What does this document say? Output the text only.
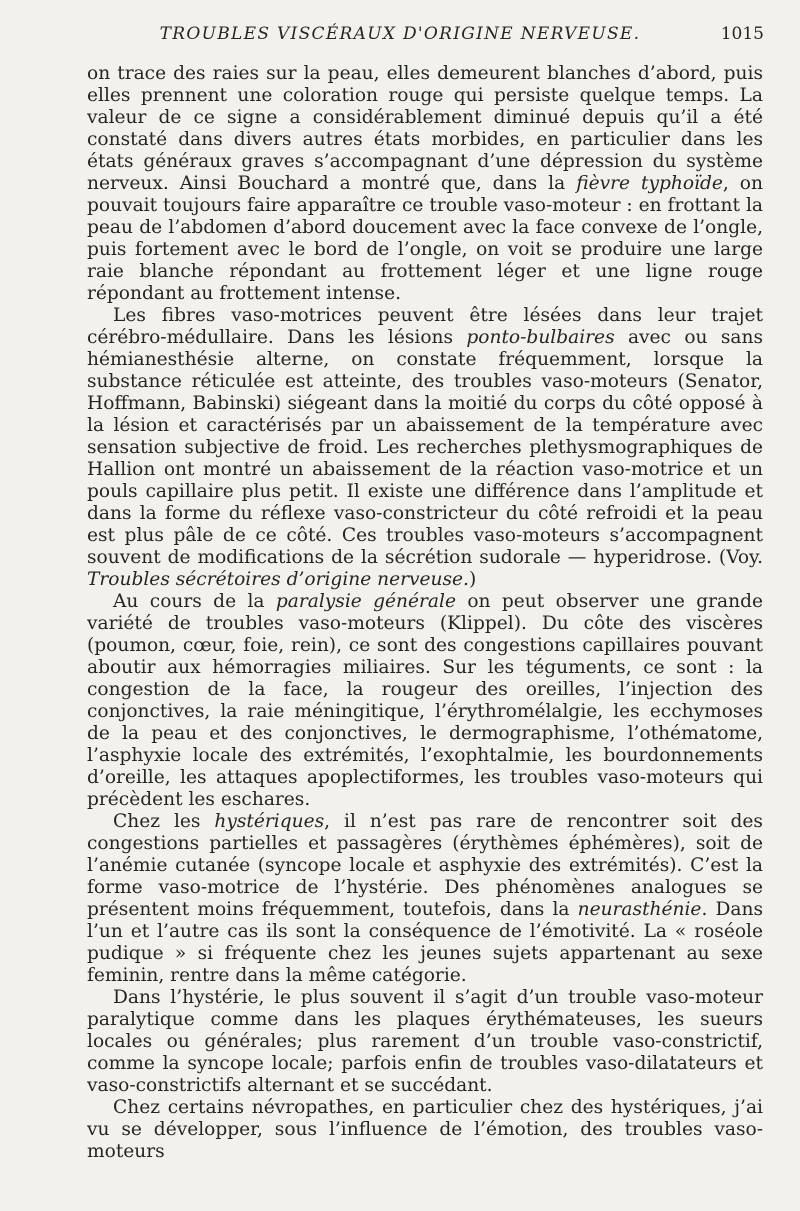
TROUBLES VISCÉRAUX D'ORIGINE NERVEUSE.	1015

on trace des raies sur la peau, elles demeurent blanches d’abord, puis elles prennent une coloration rouge qui persiste quelque temps. La valeur de ce signe a considérablement diminué depuis qu’il a été constaté dans divers autres états morbides, en particulier dans les états généraux graves s’accompagnant d’une dépression du système nerveux. Ainsi Bouchard a montré que, dans la fièvre typhoïde, on pouvait toujours faire apparaître ce trouble vaso-moteur : en frottant la peau de l’abdomen d’abord doucement avec la face convexe de l’ongle, puis fortement avec le bord de l’ongle, on voit se produire une large raie blanche répondant au frottement léger et une ligne rouge répondant au frottement intense.

Les fibres vaso-motrices peuvent être lésées dans leur trajet cérébro-médullaire. Dans les lésions ponto-bulbaires avec ou sans hémianesthésie alterne, on constate fréquemment, lorsque la substance réticulée est atteinte, des troubles vaso-moteurs (Senator, Hoffmann, Babinski) siégeant dans la moitié du corps du côté opposé à la lésion et caractérisés par un abaissement de la température avec sensation subjective de froid. Les recherches plethysmographiques de Hallion ont montré un abaissement de la réaction vaso-motrice et un pouls capillaire plus petit. Il existe une différence dans l’amplitude et dans la forme du réflexe vaso-constricteur du côté refroidi et la peau est plus pâle de ce côté. Ces troubles vaso-moteurs s’accompagnent souvent de modifications de la sécrétion sudorale — hyperidrose. (Voy. Troubles sécrétoires d’origine nerveuse.)

Au cours de la paralysie générale on peut observer une grande variété de troubles vaso-moteurs (Klippel). Du côte des viscères (poumon, cœur, foie, rein), ce sont des congestions capillaires pouvant aboutir aux hémorragies miliaires. Sur les téguments, ce sont : la congestion de la face, la rougeur des oreilles, l’injection des conjonctives, la raie méningitique, l’érythromélalgie, les ecchymoses de la peau et des conjonctives, le dermographisme, l’othématome, l’asphyxie locale des extrémités, l’exophtalmie, les bourdonnements d’oreille, les attaques apoplectiformes, les troubles vaso-moteurs qui précèdent les eschares.

Chez les hystériques, il n’est pas rare de rencontrer soit des congestions partielles et passagères (érythèmes éphémères), soit de l’anémie cutanée (syncope locale et asphyxie des extrémités). C’est la forme vaso-motrice de l’hystérie. Des phénomènes analogues se présentent moins fréquemment, toutefois, dans la neurasthénie. Dans l’un et l’autre cas ils sont la conséquence de l’émotivité. La « roséole pudique » si fréquente chez les jeunes sujets appartenant au sexe feminin, rentre dans la même catégorie.

Dans l’hystérie, le plus souvent il s’agit d’un trouble vaso-moteur paralytique comme dans les plaques érythémateuses, les sueurs locales ou générales; plus rarement d’un trouble vaso-constrictif, comme la syncope locale; parfois enfin de troubles vaso-dilatateurs et vaso-constrictifs alternant et se succédant.

Chez certains névropathes, en particulier chez des hystériques, j’ai vu se développer, sous l’influence de l’émotion, des troubles vaso-moteurs
